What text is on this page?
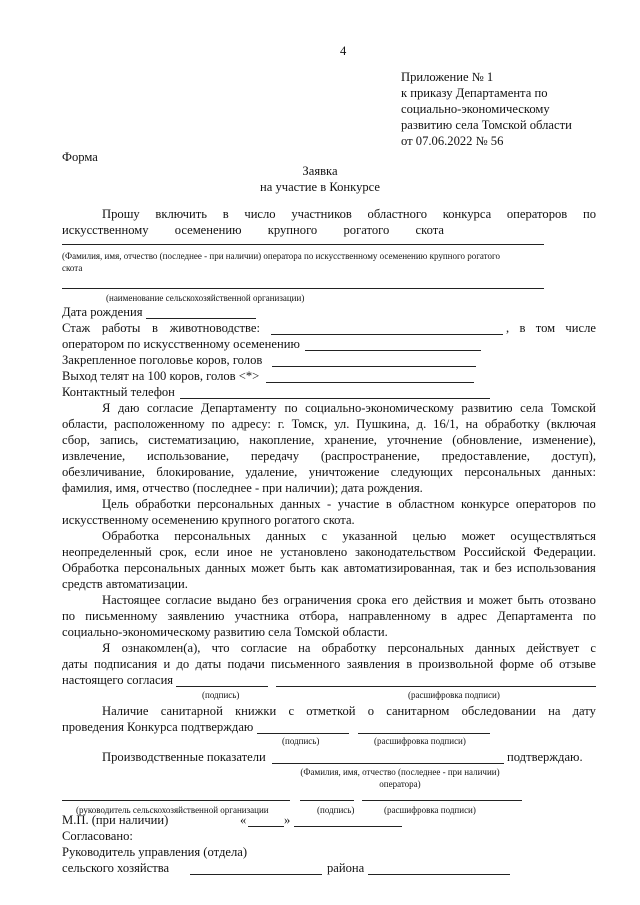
4
Приложение № 1
к приказу Департамента по
социально-экономическому
развитию села Томской области
от 07.06.2022 № 56
Форма
Заявка
на участие в Конкурсе
Прошу включить в число участников областного конкурса операторов по
искусственному осеменению крупного рогатого скота
(Фамилия, имя, отчество (последнее - при наличии) оператора по искусственному осеменению крупного рогатого
скота
(наименование сельскохозяйственной организации)
Дата рождения
Стаж работы в животноводстве:	, в том числе
оператором по искусственному осеменению
Закрепленное поголовье коров, голов
Выход телят на 100 коров, голов <*>
Контактный телефон
Я даю согласие Департаменту по социально-экономическому развитию села Томской
области, расположенному по адресу: г. Томск, ул. Пушкина, д. 16/1, на обработку (включая
сбор, запись, систематизацию, накопление, хранение, уточнение (обновление, изменение),
извлечение, использование, передачу (распространение, предоставление, доступ),
обезличивание, блокирование, удаление, уничтожение следующих персональных данных:
фамилия, имя, отчество (последнее - при наличии); дата рождения.
Цель обработки персональных данных - участие в областном конкурсе операторов по
искусственному осеменению крупного рогатого скота.
Обработка персональных данных с указанной целью может осуществляться
неопределенный срок, если иное не установлено законодательством Российской Федерации.
Обработка персональных данных может быть как автоматизированная, так и без использования
средств автоматизации.
Настоящее согласие выдано без ограничения срока его действия и может быть отозвано
по письменному заявлению участника отбора, направленному в адрес Департамента по
социально-экономическому развитию села Томской области.
Я ознакомлен(а), что согласие на обработку персональных данных действует с
даты подписания и до даты подачи письменного заявления в произвольной форме об отзыве
настоящего согласия
(подпись)	(расшифровка подписи)
Наличие санитарной книжки с отметкой о санитарном обследовании на дату
проведения Конкурса подтверждаю
(подпись)	(расшифровка подписи)
Производственные показатели	подтверждаю.
(Фамилия, имя, отчество (последнее - при наличии)
оператора)
(руководитель сельскохозяйственной организации	(подпись)	(расшифровка подписи)
М.П. (при наличии)	«	»
Согласовано:
Руководитель управления (отдела)
сельского хозяйства	района
